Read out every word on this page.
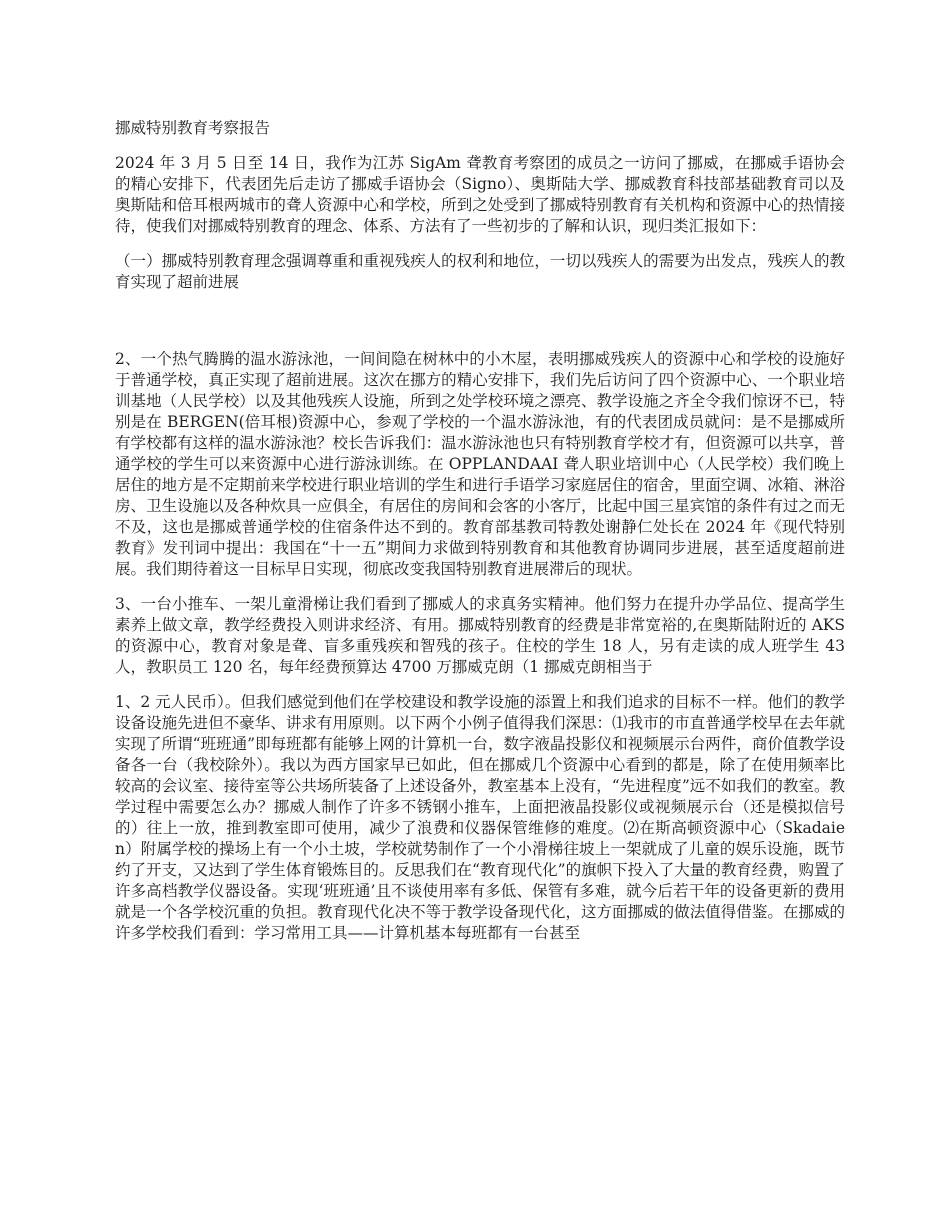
挪威特别教育考察报告

2024 年 3 月 5 日至 14 日，我作为江苏 SigAm 聋教育考察团的成员之一访问了挪威，在挪威手语协会的精心安排下，代表团先后走访了挪威手语协会（Signo）、奥斯陆大学、挪威教育科技部基础教育司以及奥斯陆和倍耳根两城市的聋人资源中心和学校，所到之处受到了挪威特别教育有关机构和资源中心的热情接待，使我们对挪威特别教育的理念、体系、方法有了一些初步的了解和认识，现归类汇报如下：

（一）挪威特别教育理念强调尊重和重视残疾人的权利和地位，一切以残疾人的需要为出发点，残疾人的教育实现了超前进展

2、一个热气腾腾的温水游泳池，一间间隐在树林中的小木屋，表明挪威残疾人的资源中心和学校的设施好于普通学校，真正实现了超前进展。这次在挪方的精心安排下，我们先后访问了四个资源中心、一个职业培训基地（人民学校）以及其他残疾人设施，所到之处学校环境之漂亮、教学设施之齐全令我们惊讶不已，特别是在 BERGEN(倍耳根)资源中心，参观了学校的一个温水游泳池，有的代表团成员就问：是不是挪威所有学校都有这样的温水游泳池？校长告诉我们：温水游泳池也只有特别教育学校才有，但资源可以共享，普通学校的学生可以来资源中心进行游泳训练。在 OPPLANDAAI 聋人职业培训中心（人民学校）我们晚上居住的地方是不定期前来学校进行职业培训的学生和进行手语学习家庭居住的宿舍，里面空调、冰箱、淋浴房、卫生设施以及各种炊具一应俱全，有居住的房间和会客的小客厅，比起中国三星宾馆的条件有过之而无不及，这也是挪威普通学校的住宿条件达不到的。教育部基教司特教处谢静仁处长在 2024 年《现代特别教育》发刊词中提出：我国在“十一五”期间力求做到特别教育和其他教育协调同步进展，甚至适度超前进展。我们期待着这一目标早日实现，彻底改变我国特别教育进展滞后的现状。

3、一台小推车、一架儿童滑梯让我们看到了挪威人的求真务实精神。他们努力在提升办学品位、提高学生素养上做文章，教学经费投入则讲求经济、有用。挪威特别教育的经费是非常宽裕的,在奥斯陆附近的 AKS 的资源中心，教育对象是聋、盲多重残疾和智残的孩子。住校的学生 18 人，另有走读的成人班学生 43 人，教职员工 120 名，每年经费预算达 4700 万挪威克朗（1 挪威克朗相当于

1、2 元人民币）。但我们感觉到他们在学校建设和教学设施的添置上和我们追求的目标不一样。他们的教学设备设施先进但不豪华、讲求有用原则。以下两个小例子值得我们深思：⑴我市的市直普通学校早在去年就实现了所谓“班班通”即每班都有能够上网的计算机一台，数字液晶投影仪和视频展示台两件，商价值教学设备各一台（我校除外）。我以为西方国家早已如此，但在挪威几个资源中心看到的都是，除了在使用频率比较高的会议室、接待室等公共场所装备了上述设备外，教室基本上没有，“先进程度”远不如我们的教室。教学过程中需要怎么办？挪威人制作了许多不锈钢小推车，上面把液晶投影仪或视频展示台（还是模拟信号的）往上一放，推到教室即可使用，减少了浪费和仪器保管维修的难度。⑵在斯高顿资源中心（Skadaien）附属学校的操场上有一个小土坡，学校就势制作了一个小滑梯往坡上一架就成了儿童的娱乐设施，既节约了开支，又达到了学生体育锻炼目的。反思我们在“教育现代化”的旗帜下投入了大量的教育经费，购置了许多高档教学仪器设备。实现‘班班通’且不谈使用率有多低、保管有多难，就今后若干年的设备更新的费用就是一个各学校沉重的负担。教育现代化决不等于教学设备现代化，这方面挪威的做法值得借鉴。在挪威的许多学校我们看到：学习常用工具——计算机基本每班都有一台甚至
